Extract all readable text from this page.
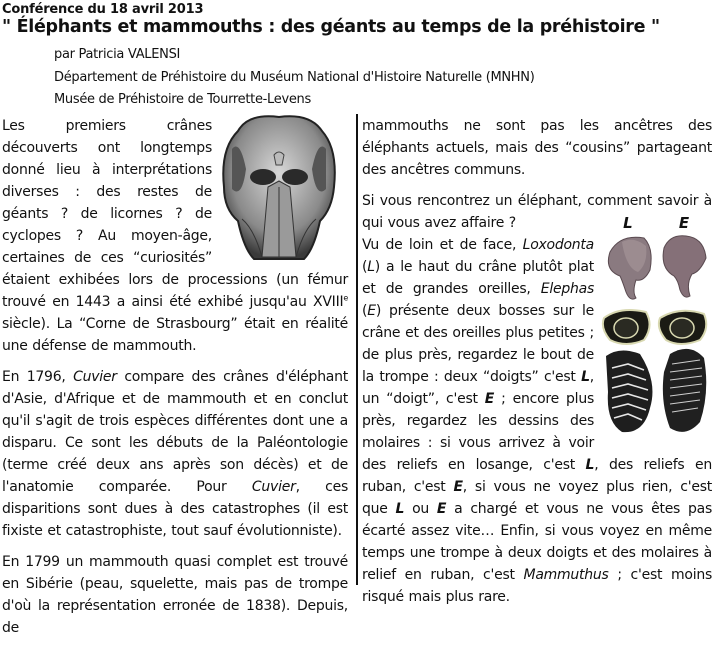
Conférence du 18 avril 2013
" Éléphants et mammouths : des géants au temps de la préhistoire "
par Patricia VALENSI
Département de Préhistoire du Muséum National d'Histoire Naturelle (MNHN)
Musée de Préhistoire de Tourrette-Levens

Les premiers crânes découverts ont longtemps donné lieu à interprétations diverses : des restes de géants ? de licornes ? de cyclopes ? Au moyen-âge, certaines de ces “curiosités” étaient exhibées lors de processions (un fémur trouvé en 1443 a ainsi été exhibé jusqu'au XVIIIe siècle). La “Corne de Strasbourg” était en réalité une défense de mammouth.

En 1796, Cuvier compare des crânes d'éléphant d'Asie, d'Afrique et de mammouth et en conclut qu'il s'agit de trois espèces différentes dont une a disparu. Ce sont les débuts de la Paléontologie (terme créé deux ans après son décès) et de l'anatomie comparée. Pour Cuvier, ces disparitions sont dues à des catastrophes (il est fixiste et catastrophiste, tout sauf évolutionniste).

En 1799 un mammouth quasi complet est trouvé en Sibérie (peau, squelette, mais pas de trompe d'où la représentation erronée de 1838). Depuis, de

mammouths ne sont pas les ancêtres des éléphants actuels, mais des “cousins” partageant des ancêtres communs.

Si vous rencontrez un éléphant, comment savoir à qui vous avez affaire ?	L	E

Vu de loin et de face, Loxodonta (L) a le haut du crâne plutôt plat et de grandes oreilles, Elephas (E) présente deux bosses sur le crâne et des oreilles plus petites ; de plus près, regardez le bout de la trompe : deux “doigts” c'est L, un “doigt”, c'est E ; encore plus près, regardez les dessins des molaires : si vous arrivez à voir des reliefs en losange, c'est L, des reliefs en ruban, c'est E, si vous ne voyez plus rien, c'est que L ou E a chargé et vous ne vous êtes pas écarté assez vite… Enfin, si vous voyez en même temps une trompe à deux doigts et des molaires à relief en ruban, c'est Mammuthus ; c'est moins risqué mais plus rare.
